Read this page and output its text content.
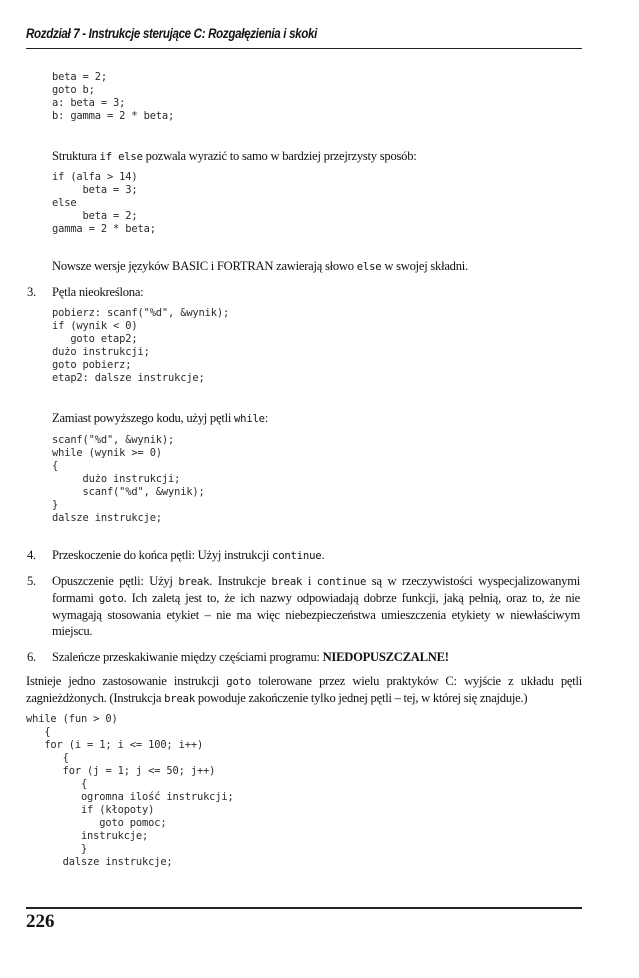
Rozdział 7 - Instrukcje sterujące C: Rozgałęzienia i skoki
beta = 2;
goto b;
a: beta = 3;
b: gamma = 2 * beta;

Struktura if else pozwala wyrazić to samo w bardziej przejrzysty sposób:

if (alfa > 14)
beta = 3;
else
beta = 2;
gamma = 2 * beta;

Nowsze wersje języków BASIC i FORTRAN zawierają słowo else w swojej składni.

3. Pętla nieokreślona:

pobierz: scanf("%d", &wynik);
if (wynik < 0)
goto etap2;
dużo instrukcji;
goto pobierz;
etap2: dalsze instrukcje;

Zamiast powyższego kodu, użyj pętli while:

scanf("%d", &wynik);
while (wynik >= 0)
{
dużo instrukcji;
scanf("%d", &wynik);
}
dalsze instrukcje;
4. Przeskoczenie do końca pętli: Użyj instrukcji continue.

5. Opuszczenie pętli: Użyj break. Instrukcje break i continue są w rzeczywistości wyspecjalizowanymi formami goto. Ich zaletą jest to, że ich nazwy odpowiadają dobrze funkcji, jaką pełnią, oraz to, że nie wymagają stosowania etykiet – nie ma więc niebezpieczeństwa umieszczenia etykiety w niewłaściwym miejscu.

6. Szaleńcze przeskakiwanie między częściami programu: NIEDOPUSZCZALNE!

Istnieje jedno zastosowanie instrukcji goto tolerowane przez wielu praktyków C: wyjście z układu pętli zagnieżdżonych. (Instrukcja break powoduje zakończenie tylko jednej pętli – tej, w której się znajduje.)

while (fun > 0)
{
for (i = 1; i <= 100; i++)
{
for (j = 1; j <= 50; j++)
{
ogromna ilość instrukcji;
if (kłopoty)
goto pomoc;
instrukcje;
}
dalsze instrukcje;
226
